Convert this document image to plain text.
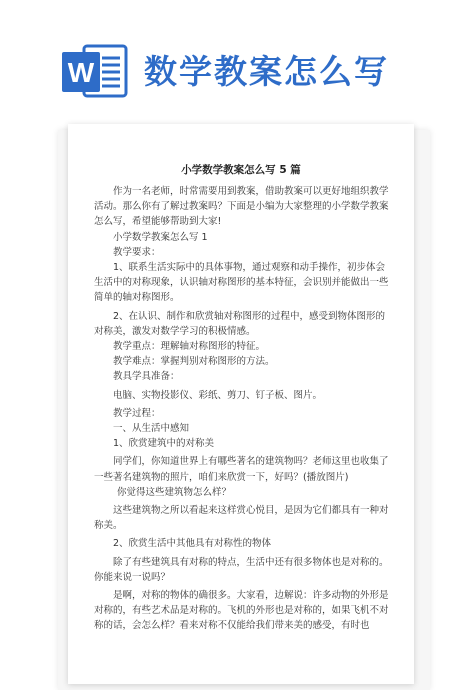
W 数学教案怎么写
小学数学教案怎么写 5 篇

作为一名老师，时常需要用到教案，借助教案可以更好地组织教学活动。那么你有了解过教案吗？下面是小编为大家整理的小学数学教案怎么写，希望能够帮助到大家!

小学数学教案怎么写 1

教学要求：

1、联系生活实际中的具体事物，通过观察和动手操作，初步体会生活中的对称现象，认识轴对称图形的基本特征，会识别并能做出一些简单的轴对称图形。

2、在认识、制作和欣赏轴对称图形的过程中，感受到物体图形的对称美，激发对数学学习的积极情感。

教学重点：理解轴对称图形的特征。

教学难点：掌握判别对称图形的方法。

教具学具准备：

电脑、实物投影仪、彩纸、剪刀、钉子板、图片。

教学过程：

一、从生活中感知

1、欣赏建筑中的对称美

同学们，你知道世界上有哪些著名的建筑物吗？老师这里也收集了一些著名建筑物的照片，咱们来欣赏一下，好吗？(播放图片)

你觉得这些建筑物怎么样？

这些建筑物之所以看起来这样赏心悦目，是因为它们都具有一种对称美。

2、欣赏生活中其他具有对称性的物体

除了有些建筑具有对称的特点，生活中还有很多物体也是对称的。你能来说一说吗？

是啊，对称的物体的确很多。大家看，边解说：许多动物的外形是对称的，有些艺术品是对称的。飞机的外形也是对称的，如果飞机不对称的话，会怎么样？看来对称不仅能给我们带来美的感受，有时也
